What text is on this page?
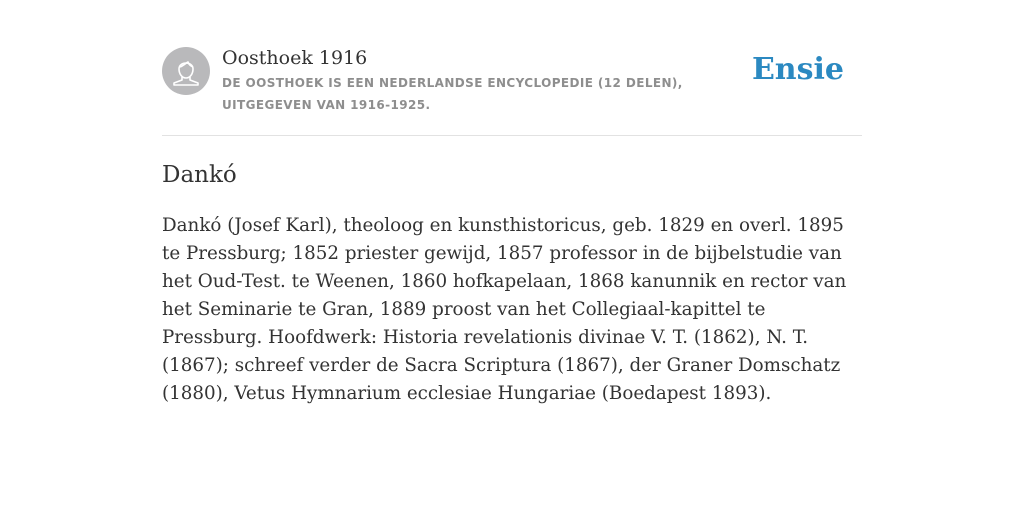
Oosthoek 1916
DE OOSTHOEK IS EEN NEDERLANDSE ENCYCLOPEDIE (12 DELEN), UITGEGEVEN VAN 1916-1925.
Ensie
Dankó

Dankó (Josef Karl), theoloog en kunsthistoricus, geb. 1829 en overl. 1895 te Pressburg; 1852 priester gewijd, 1857 professor in de bijbelstudie van het Oud-Test. te Weenen, 1860 hofkapelaan, 1868 kanunnik en rector van het Seminarie te Gran, 1889 proost van het Collegiaal-kapittel te Pressburg. Hoofdwerk: Historia revelationis divinae V. T. (1862), N. T. (1867); schreef verder de Sacra Scriptura (1867), der Graner Domschatz (1880), Vetus Hymnarium ecclesiae Hungariae (Boedapest 1893).
